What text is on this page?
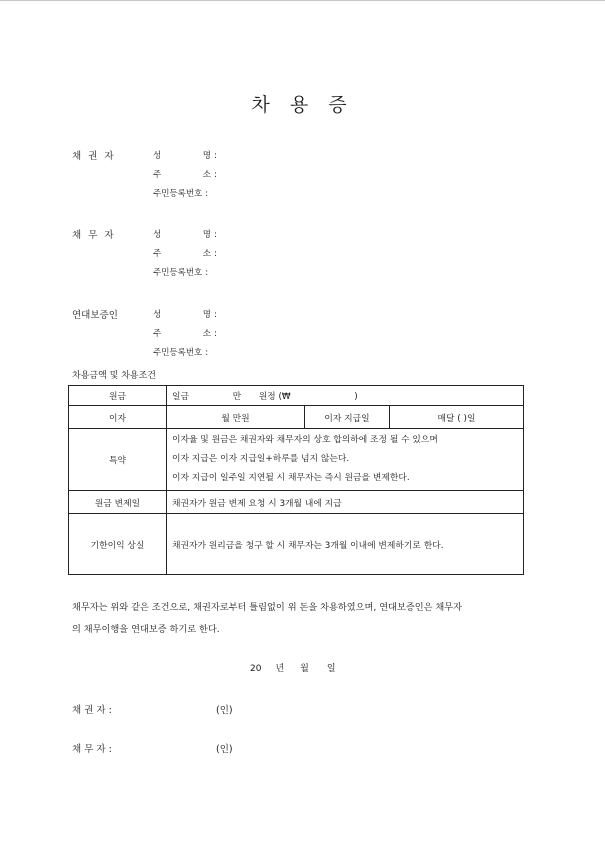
차 용 증
채 권 자	성 명 :
주 소 :
주민등록번호 :
채 무 자	성 명 :
주 소 :
주민등록번호 :
연대보증인	성 명 :
주 소 :
주민등록번호 :
차용금액 및 차용조건
원금	일금 만 원정 (₩ )		
이자	월 만원	이자 지급일	매달 ( )일
특약	이자율 및 원금은 채권자와 채무자의 상호 합의하에 조정 될 수 있으며
이자 지급은 이자 지급일+하루를 넘지 않는다.
이자 지급이 일주일 지연될 시 채무자는 즉시 원금을 변제한다.		

원금 변제일	채권자가 원금 변제 요청 시 3개월 내에 지급		
기한이익 상실	채권자가 원리금을 청구 할 시 채무자는 3개월 이내에 변제하기로 한다.		
채무자는 위와 같은 조건으로, 채권자로부터 틀림없이 위 돈을 차용하였으며, 연대보증인은 채무자
의 채무이행을 연대보증 하기로 한다.
20 년 월 일
채 권 자 :	(인)
채 무 자 :	(인)
